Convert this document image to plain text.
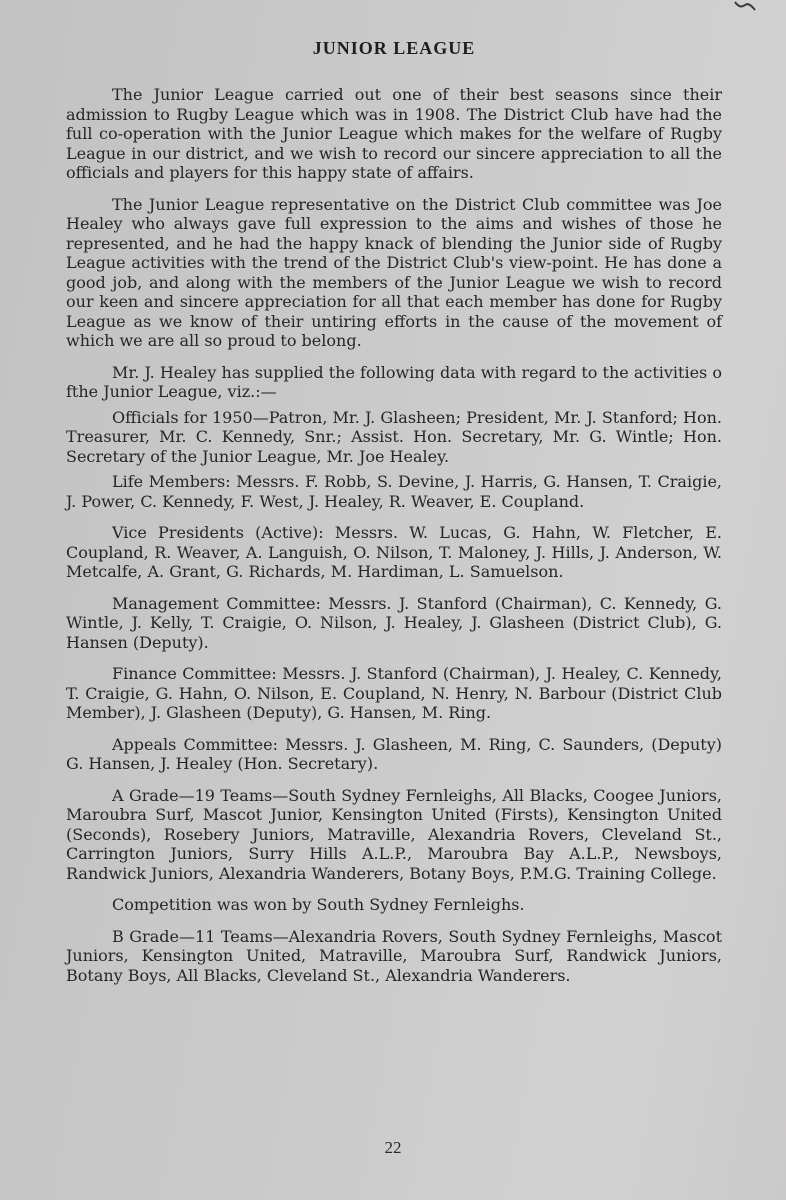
JUNIOR LEAGUE

The Junior League carried out one of their best seasons since their admission to Rugby League which was in 1908. The District Club have had the full co-operation with the Junior League which makes for the welfare of Rugby League in our district, and we wish to record our sincere appreciation to all the officials and players for this happy state of affairs.

The Junior League representative on the District Club committee was Joe Healey who always gave full expression to the aims and wishes of those he represented, and he had the happy knack of blending the Junior side of Rugby League activities with the trend of the District Club's view-point. He has done a good job, and along with the members of the Junior League we wish to record our keen and sincere appreciation for all that each member has done for Rugby League as we know of their untiring efforts in the cause of the movement of which we are all so proud to belong.

Mr. J. Healey has supplied the following data with regard to the activities o fthe Junior League, viz.:—

Officials for 1950—Patron, Mr. J. Glasheen; President, Mr. J. Stanford; Hon. Treasurer, Mr. C. Kennedy, Snr.; Assist. Hon. Secretary, Mr. G. Wintle; Hon. Secretary of the Junior League, Mr. Joe Healey.

Life Members: Messrs. F. Robb, S. Devine, J. Harris, G. Hansen, T. Craigie, J. Power, C. Kennedy, F. West, J. Healey, R. Weaver, E. Coupland.

Vice Presidents (Active): Messrs. W. Lucas, G. Hahn, W. Fletcher, E. Coupland, R. Weaver, A. Languish, O. Nilson, T. Maloney, J. Hills, J. Anderson, W. Metcalfe, A. Grant, G. Richards, M. Hardiman, L. Samuelson.

Management Committee: Messrs. J. Stanford (Chairman), C. Kennedy, G. Wintle, J. Kelly, T. Craigie, O. Nilson, J. Healey, J. Glasheen (District Club), G. Hansen (Deputy).

Finance Committee: Messrs. J. Stanford (Chairman), J. Healey, C. Kennedy, T. Craigie, G. Hahn, O. Nilson, E. Coupland, N. Henry, N. Barbour (District Club Member), J. Glasheen (Deputy), G. Hansen, M. Ring.

Appeals Committee: Messrs. J. Glasheen, M. Ring, C. Saunders, (Deputy) G. Hansen, J. Healey (Hon. Secretary).

A Grade—19 Teams—South Sydney Fernleighs, All Blacks, Coogee Juniors, Maroubra Surf, Mascot Junior, Kensington United (Firsts), Kensington United (Seconds), Rosebery Juniors, Matraville, Alexandria Rovers, Cleveland St., Carrington Juniors, Surry Hills A.L.P., Maroubra Bay A.L.P., Newsboys, Randwick Juniors, Alexandria Wanderers, Botany Boys, P.M.G. Training College.

Competition was won by South Sydney Fernleighs.

B Grade—11 Teams—Alexandria Rovers, South Sydney Fernleighs, Mascot Juniors, Kensington United, Matraville, Maroubra Surf, Randwick Juniors, Botany Boys, All Blacks, Cleveland St., Alexandria Wanderers.

22
